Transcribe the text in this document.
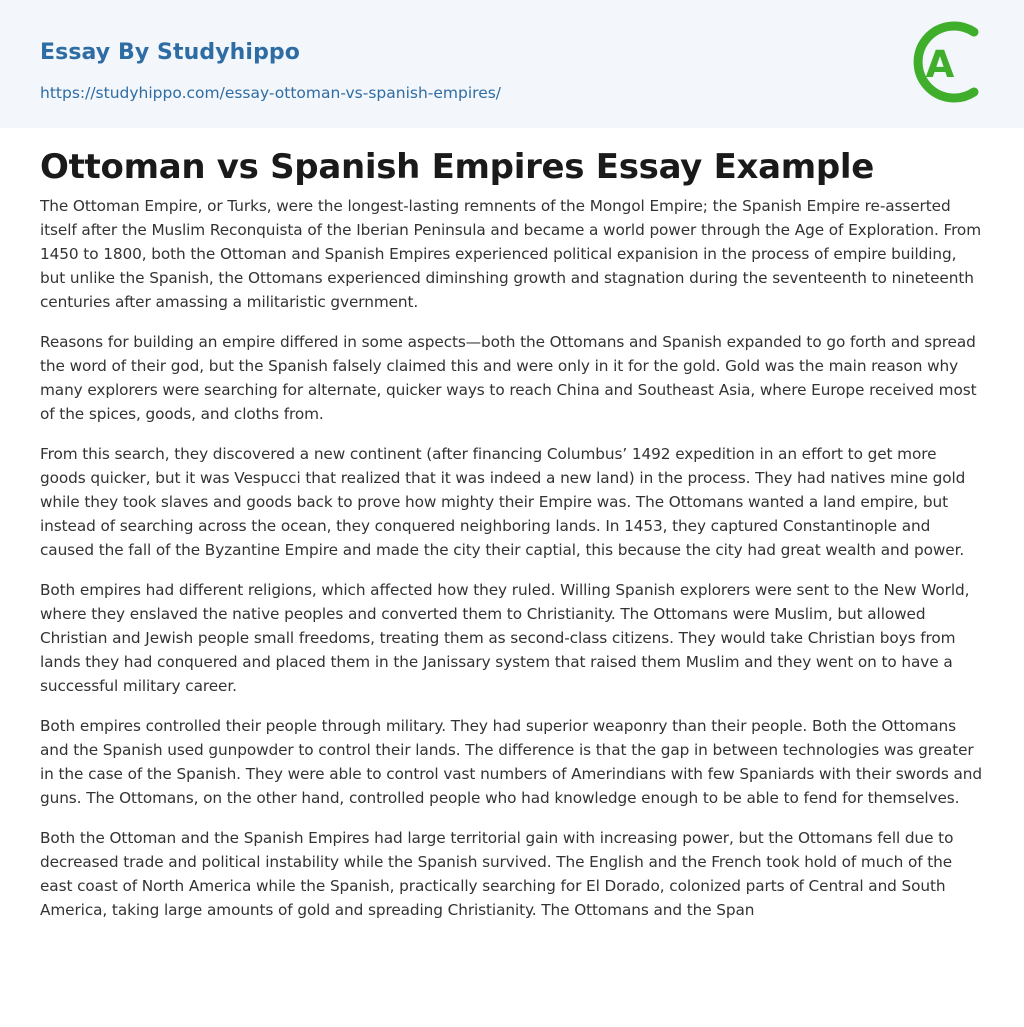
Essay By Studyhippo
https://studyhippo.com/essay-ottoman-vs-spanish-empires/
A
Ottoman vs Spanish Empires Essay Example

The Ottoman Empire, or Turks, were the longest-lasting remnents of the Mongol Empire; the Spanish Empire re-asserted itself after the Muslim Reconquista of the Iberian Peninsula and became a world power through the Age of Exploration. From 1450 to 1800, both the Ottoman and Spanish Empires experienced political expanision in the process of empire building, but unlike the Spanish, the Ottomans experienced diminshing growth and stagnation during the seventeenth to nineteenth centuries after amassing a militaristic gvernment.

Reasons for building an empire differed in some aspects—both the Ottomans and Spanish expanded to go forth and spread the word of their god, but the Spanish falsely claimed this and were only in it for the gold. Gold was the main reason why many explorers were searching for alternate, quicker ways to reach China and Southeast Asia, where Europe received most of the spices, goods, and cloths from.

From this search, they discovered a new continent (after financing Columbus’ 1492 expedition in an effort to get more goods quicker, but it was Vespucci that realized that it was indeed a new land) in the process. They had natives mine gold while they took slaves and goods back to prove how mighty their Empire was. The Ottomans wanted a land empire, but instead of searching across the ocean, they conquered neighboring lands. In 1453, they captured Constantinople and caused the fall of the Byzantine Empire and made the city their captial, this because the city had great wealth and power.

Both empires had different religions, which affected how they ruled. Willing Spanish explorers were sent to the New World, where they enslaved the native peoples and converted them to Christianity. The Ottomans were Muslim, but allowed Christian and Jewish people small freedoms, treating them as second-class citizens. They would take Christian boys from lands they had conquered and placed them in the Janissary system that raised them Muslim and they went on to have a successful military career.

Both empires controlled their people through military. They had superior weaponry than their people. Both the Ottomans and the Spanish used gunpowder to control their lands. The difference is that the gap in between technologies was greater in the case of the Spanish. They were able to control vast numbers of Amerindians with few Spaniards with their swords and guns. The Ottomans, on the other hand, controlled people who had knowledge enough to be able to fend for themselves.

Both the Ottoman and the Spanish Empires had large territorial gain with increasing power, but the Ottomans fell due to decreased trade and political instability while the Spanish survived. The English and the French took hold of much of the east coast of North America while the Spanish, practically searching for El Dorado, colonized parts of Central and South America, taking large amounts of gold and spreading Christianity. The Ottomans and the Span
